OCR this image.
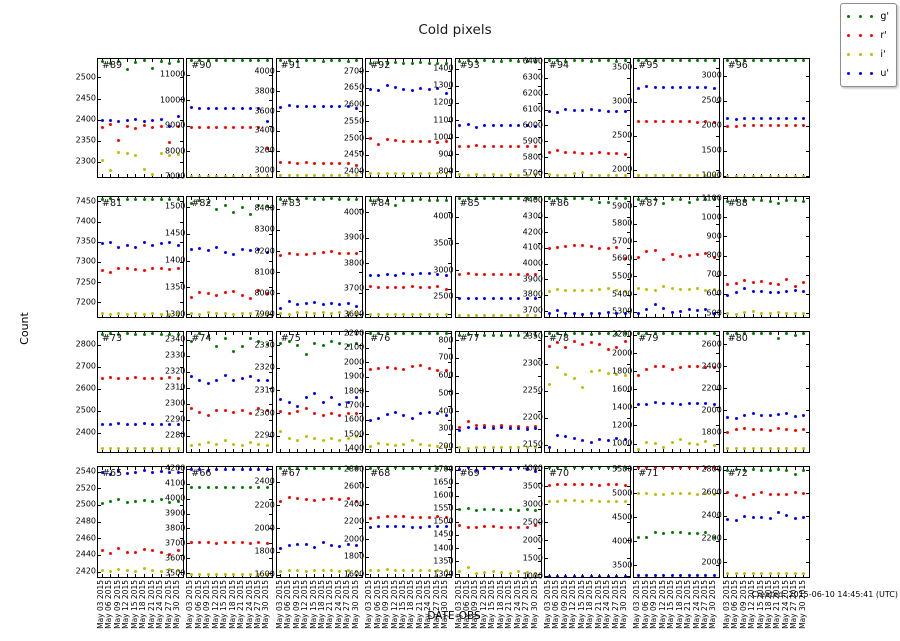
Cold pixels
Count
Created: 2015-06-10 14:45:41 (UTC)
g'
r'
i'
u'
#89
2300
2350
2400
2450
2500
#90
7000
8000
9000
10000
11000
#91
3000
3200
3400
3600
3800
4000	#92
2400
2450
2500
2550
2600
2650
2700	#93
800
900
1000
1100
1200
1300
1400	#94
5700
5800
5900
6000
6100
6200
6300
6400	#95
2000
2500
3000
3500	#96
1000
1500
2000
2500
3000
#81
7200
7250
7300
7350
7400
7450	#82
1300
1350
1400
1450
1500	#83
7900
8000
8100
8200
8300
8400	#84
3600
3700
3800
3900
4000
#85
2500
3000
3500
4000
#86
3700
3800
3900
4000
4100
4200
4300
4400	#87
5300
5400
5500
5600
5700
5800
5900	#88
500
600
700
800
900
1000
1100
#73
2400
2500
2600
2700
2800
#74
2280
2290
2300
2310
2320
2330
2340	#75
2290
2300
2310
2320
2330
#76
1400
1500
1600
1700
1800
1900
2000
2100
2200
#77
200
300
400
500
600
700
800	#78
2150
2200
2250
2300
2350	#79
1000
1200
1400
1600
1800
2000
2200	#80
1800
2000
2200
2400
2600
#65
2420
2440
2460
2480
2500
2520
2540
May 03 2015 May 06 2015 May 09 2015 May 12 2015 May 15 2015 May 18 2015 May 21 2015 May 24 2015 May 27 2015 May 30 2015
#66
3500
3600
3700
3800
3900
4000
4100
4200
May 03 2015 May 06 2015 May 09 2015 May 12 2015 May 15 2015 May 18 2015 May 21 2015 May 24 2015 May 27 2015 May 30 2015
#67
1600
1800
2000
2200
2400
May 03 2015 May 06 2015 May 09 2015 May 12 2015 May 15 2015 May 18 2015 May 21 2015 May 24 2015 May 27 2015 May 30 2015
#68
1600
1800
2000
2200
2400
2600
2800
May 03 2015 May 06 2015 May 09 2015 May 12 2015 May 15 2015 May 18 2015 May 21 2015 May 24 2015 May 27 2015 May 30 2015
#69
1300
1350
1400
1450
1500
1550
1600
1650
1700
May 03 2015 May 06 2015 May 09 2015 May 12 2015 May 15 2015 May 18 2015 May 21 2015 May 24 2015 May 27 2015 May 30 2015
#70
1000
1500
2000
2500
3000
3500
4000
May 03 2015 May 06 2015 May 09 2015 May 12 2015 May 15 2015 May 18 2015 May 21 2015 May 24 2015 May 27 2015 May 30 2015
#71
3500
4000
4500
5000
5500
May 03 2015 May 06 2015 May 09 2015 May 12 2015 May 15 2015 May 18 2015 May 21 2015 May 24 2015 May 27 2015 May 30 2015
#72
2000
2200
2400
2600
2800
May 03 2015 May 06 2015 May 09 2015 May 12 2015 May 15 2015 May 18 2015 May 21 2015 May 24 2015 May 27 2015 May 30 2015
DATE-OBS
